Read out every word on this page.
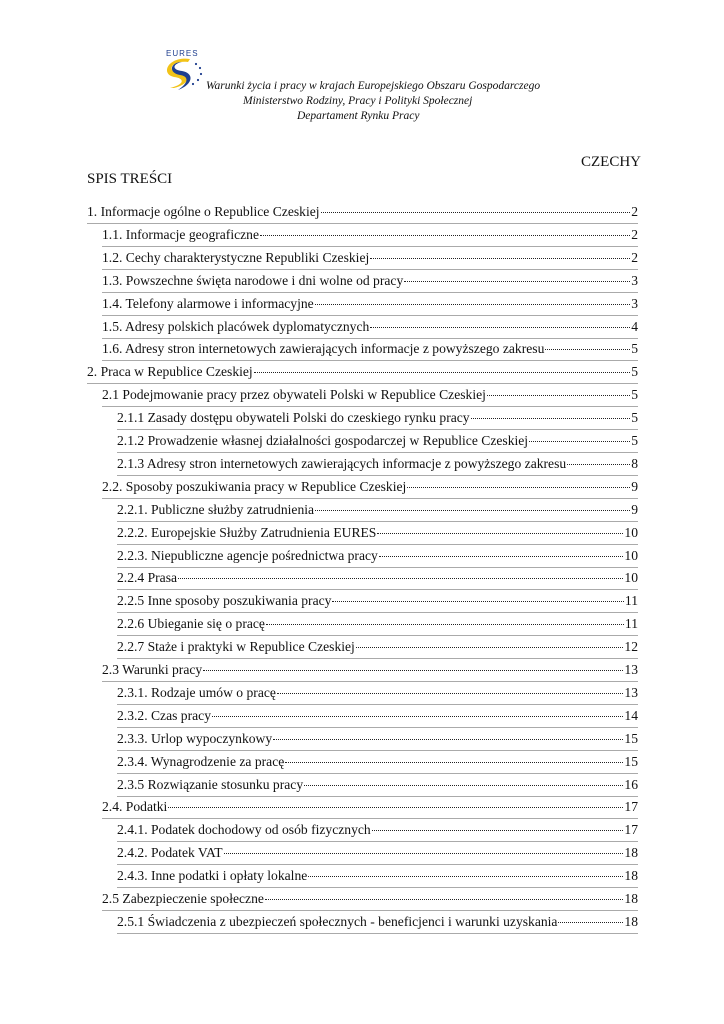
EURES
Warunki życia i pracy w krajach Europejskiego Obszaru Gospodarczego
Ministerstwo Rodziny, Pracy i Polityki Społecznej
Departament Rynku Pracy
CZECHY
SPIS TREŚCI
1. Informacje ogólne o Republice Czeskiej	2
1.1. Informacje geograficzne	2
1.2. Cechy charakterystyczne Republiki Czeskiej	2
1.3. Powszechne święta narodowe i dni wolne od pracy	3
1.4. Telefony alarmowe i informacyjne	3
1.5. Adresy polskich placówek dyplomatycznych	4
1.6. Adresy stron internetowych zawierających informacje z powyższego zakresu	5
2. Praca w Republice Czeskiej	5
2.1 Podejmowanie pracy przez obywateli Polski w Republice Czeskiej	5
2.1.1 Zasady dostępu obywateli Polski do czeskiego rynku pracy	5
2.1.2 Prowadzenie własnej działalności gospodarczej w Republice Czeskiej	5
2.1.3 Adresy stron internetowych zawierających informacje z powyższego zakresu	8
2.2. Sposoby poszukiwania pracy w Republice Czeskiej	9
2.2.1. Publiczne służby zatrudnienia	9
2.2.2. Europejskie Służby Zatrudnienia EURES	10
2.2.3. Niepubliczne agencje pośrednictwa pracy	10
2.2.4 Prasa	10
2.2.5 Inne sposoby poszukiwania pracy	11
2.2.6 Ubieganie się o pracę	11
2.2.7 Staże i praktyki w Republice Czeskiej	12
2.3 Warunki pracy	13
2.3.1. Rodzaje umów o pracę	13
2.3.2. Czas pracy	14
2.3.3. Urlop wypoczynkowy	15
2.3.4. Wynagrodzenie za pracę	15
2.3.5 Rozwiązanie stosunku pracy	16
2.4. Podatki	17
2.4.1. Podatek dochodowy od osób fizycznych	17
2.4.2. Podatek VAT	18
2.4.3. Inne podatki i opłaty lokalne	18
2.5 Zabezpieczenie społeczne	18
2.5.1 Świadczenia z ubezpieczeń społecznych - beneficjenci i warunki uzyskania	18
